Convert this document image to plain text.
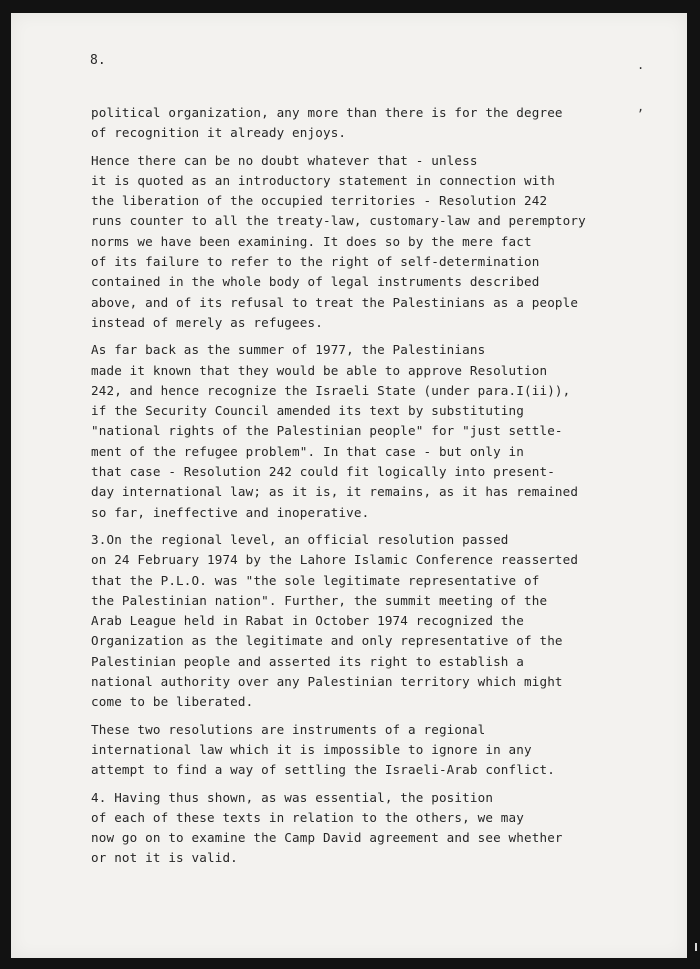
8.	.
,

political organization, any more than there is for the degree
of recognition it already enjoys.

Hence there can be no doubt whatever that - unless
it is quoted as an introductory statement in connection with
the liberation of the occupied territories - Resolution 242
runs counter to all the treaty-law, customary-law and peremptory
norms we have been examining. It does so by the mere fact
of its failure to refer to the right of self-determination
contained in the whole body of legal instruments described
above, and of its refusal to treat the Palestinians as a people
instead of merely as refugees.

As far back as the summer of 1977, the Palestinians
made it known that they would be able to approve Resolution
242, and hence recognize the Israeli State (under para.I(ii)),
if the Security Council amended its text by substituting
"national rights of the Palestinian people" for "just settle-
ment of the refugee problem". In that case - but only in
that case - Resolution 242 could fit logically into present-
day international law; as it is, it remains, as it has remained
so far, ineffective and inoperative.

3.On the regional level, an official resolution passed
on 24 February 1974 by the Lahore Islamic Conference reasserted
that the P.L.O. was "the sole legitimate representative of
the Palestinian nation". Further, the summit meeting of the
Arab League held in Rabat in October 1974 recognized the
Organization as the legitimate and only representative of the
Palestinian people and asserted its right to establish a
national authority over any Palestinian territory which might
come to be liberated.

These two resolutions are instruments of a regional
international law which it is impossible to ignore in any
attempt to find a way of settling the Israeli-Arab conflict.

4. Having thus shown, as was essential, the position
of each of these texts in relation to the others, we may
now go on to examine the Camp David agreement and see whether
or not it is valid.
